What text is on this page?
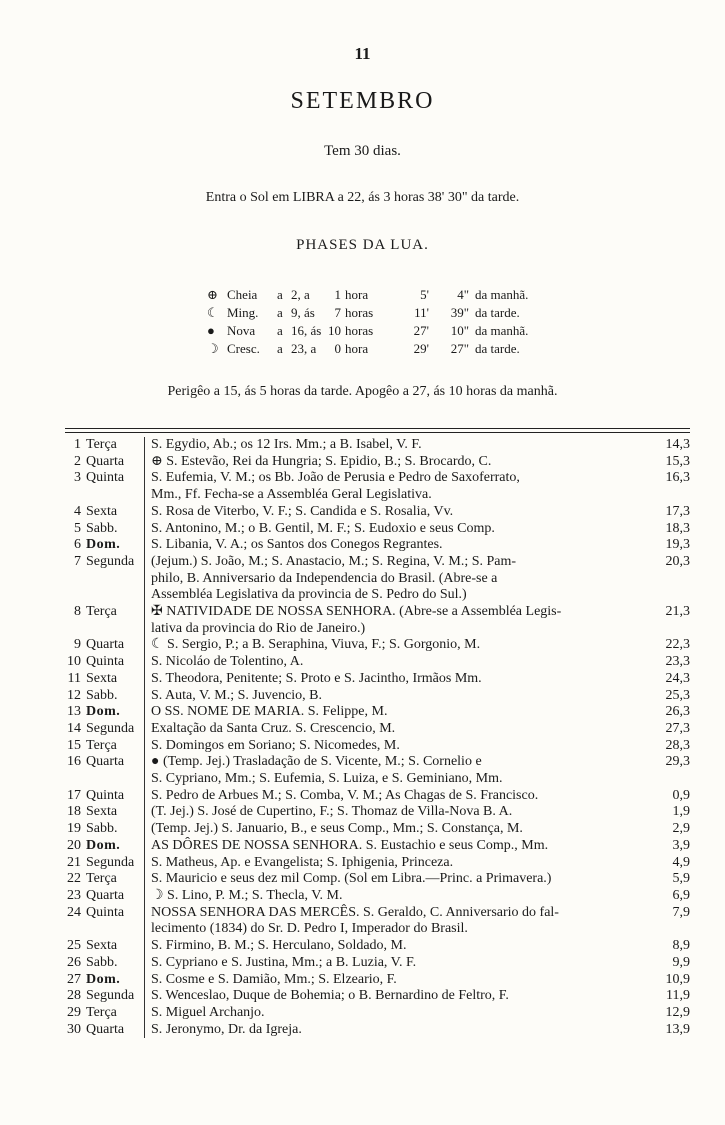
11
SETEMBRO
Tem 30 dias.
Entra o Sol em LIBRA a 22, ás 3 horas 38' 30" da tarde.
PHASES DA LUA.
⊕ Cheia	a 2, a	1 hora	5'	4" da manhã.
☾ Ming.	a 9, ás	7 horas	11'	39" da tarde.
● Nova	a 16, ás 10 horas	27'	10" da manhã.
☽ Cresc.	a 23, a	0 hora	29'	27" da tarde.
Perigêo a 15, ás 5 horas da tarde. Apogêo a 27, ás 10 horas da manhã.
1 Terça	S. Egydio, Ab.; os 12 Irs. Mm.; a B. Isabel, V. F.	14,3
2 Quarta	⊕ S. Estevão, Rei da Hungria; S. Epidio, B.; S. Brocardo, C.	15,3
3 Quinta	S. Eufemia, V. M.; os Bb. João de Perusia e Pedro de Saxoferrato,
Mm., Ff. Fecha-se a Assembléa Geral Legislativa.
16,3
4 Sexta	S. Rosa de Viterbo, V. F.; S. Candida e S. Rosalia, Vv.	17,3
5 Sabb.	S. Antonino, M.; o B. Gentil, M. F.; S. Eudoxio e seus Comp.	18,3
6 Dom.	S. Libania, V. A.; os Santos dos Conegos Regrantes.	19,3
7 Segunda	(Jejum.) S. João, M.; S. Anastacio, M.; S. Regina, V. M.; S. Pam-
philo, B. Anniversario da Independencia do Brasil. (Abre-se a
Assembléa Legislativa da provincia de S. Pedro do Sul.)
20,3
8 Terça	✠ NATIVIDADE DE NOSSA SENHORA. (Abre-se a Assembléa Legis-
lativa da provincia do Rio de Janeiro.)
21,3
9 Quarta	☾ S. Sergio, P.; a B. Seraphina, Viuva, F.; S. Gorgonio, M.	22,3
10 Quinta	S. Nicoláo de Tolentino, A.	23,3
11 Sexta	S. Theodora, Penitente; S. Proto e S. Jacintho, Irmãos Mm.	24,3
12 Sabb.	S. Auta, V. M.; S. Juvencio, B.	25,3
13 Dom.	O SS. NOME DE MARIA. S. Felippe, M.	26,3
14 Segunda	Exaltação da Santa Cruz. S. Crescencio, M.	27,3
15 Terça	S. Domingos em Soriano; S. Nicomedes, M.	28,3
16 Quarta	● (Temp. Jej.) Trasladação de S. Vicente, M.; S. Cornelio e
S. Cypriano, Mm.; S. Eufemia, S. Luiza, e S. Geminiano, Mm.
29,3
17 Quinta	S. Pedro de Arbues M.; S. Comba, V. M.; As Chagas de S. Francisco.	0,9
18 Sexta	(T. Jej.) S. José de Cupertino, F.; S. Thomaz de Villa-Nova B. A.	1,9
19 Sabb.	(Temp. Jej.) S. Januario, B., e seus Comp., Mm.; S. Constança, M.	2,9
20 Dom.	AS DÔRES DE NOSSA SENHORA. S. Eustachio e seus Comp., Mm.	3,9
21 Segunda	S. Matheus, Ap. e Evangelista; S. Iphigenia, Princeza.	4,9
22 Terça	S. Mauricio e seus dez mil Comp. (Sol em Libra.—Princ. a Primavera.)	5,9
23 Quarta	☽ S. Lino, P. M.; S. Thecla, V. M.	6,9
24 Quinta	NOSSA SENHORA DAS MERCÊS. S. Geraldo, C. Anniversario do fal-
lecimento (1834) do Sr. D. Pedro I, Imperador do Brasil.
7,9
25 Sexta	S. Firmino, B. M.; S. Herculano, Soldado, M.	8,9
26 Sabb.	S. Cypriano e S. Justina, Mm.; a B. Luzia, V. F.	9,9
27 Dom.	S. Cosme e S. Damião, Mm.; S. Elzeario, F.	10,9
28 Segunda	S. Wenceslao, Duque de Bohemia; o B. Bernardino de Feltro, F.	11,9
29 Terça	S. Miguel Archanjo.	12,9
30 Quarta	S. Jeronymo, Dr. da Igreja.	13,9
